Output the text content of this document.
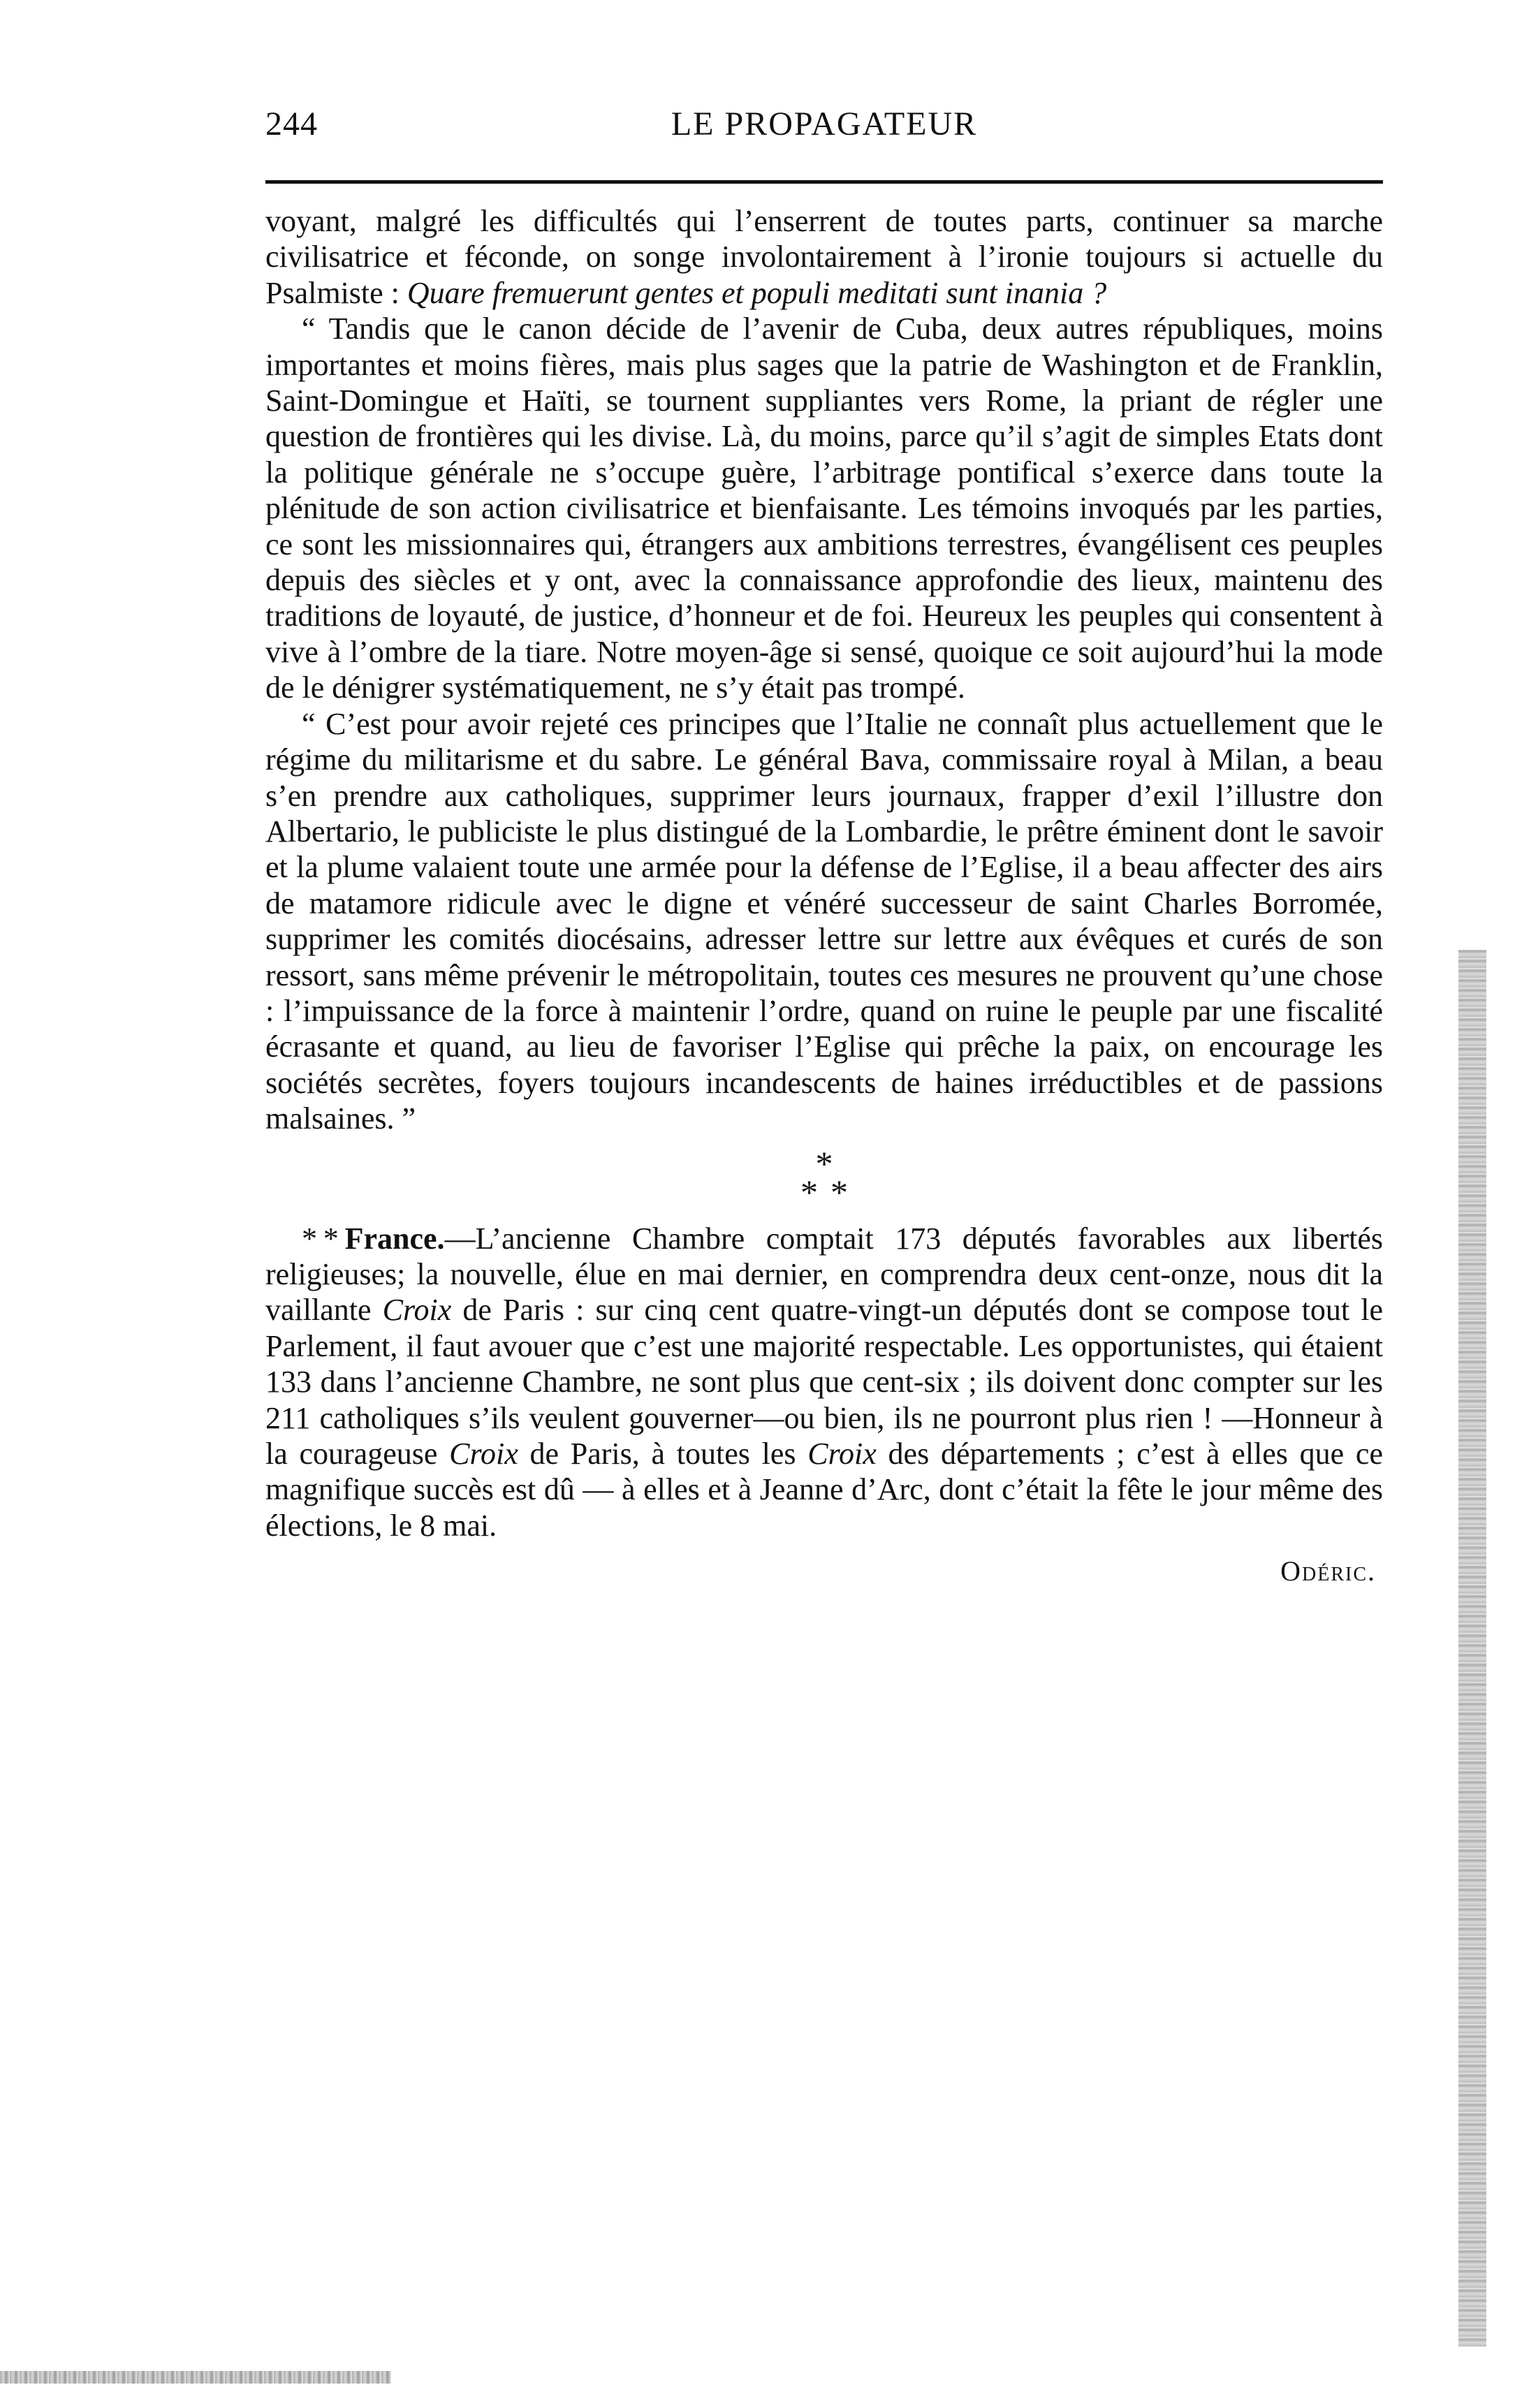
244	LE PROPAGATEUR

voyant, malgré les difficultés qui l’enserrent de toutes parts, continuer sa marche civilisatrice et féconde, on songe involontairement à l’ironie toujours si actuelle du Psalmiste : Quare fremuerunt gentes et populi meditati sunt inania ?

“ Tandis que le canon décide de l’avenir de Cuba, deux autres républiques, moins importantes et moins fières, mais plus sages que la patrie de Washington et de Franklin, Saint-Domingue et Haïti, se tournent suppliantes vers Rome, la priant de régler une question de frontières qui les divise. Là, du moins, parce qu’il s’agit de simples Etats dont la politique générale ne s’occupe guère, l’arbitrage pontifical s’exerce dans toute la plénitude de son action civilisatrice et bienfaisante. Les témoins invoqués par les parties, ce sont les missionnaires qui, étrangers aux ambitions terrestres, évangélisent ces peuples depuis des siècles et y ont, avec la connaissance approfondie des lieux, maintenu des traditions de loyauté, de justice, d’honneur et de foi. Heureux les peuples qui consentent à vive à l’ombre de la tiare. Notre moyen-âge si sensé, quoique ce soit aujourd’hui la mode de le dénigrer systématiquement, ne s’y était pas trompé.

“ C’est pour avoir rejeté ces principes que l’Italie ne connaît plus actuellement que le régime du militarisme et du sabre. Le général Bava, commissaire royal à Milan, a beau s’en prendre aux catholiques, supprimer leurs journaux, frapper d’exil l’illustre don Albertario, le publiciste le plus distingué de la Lombardie, le prêtre éminent dont le savoir et la plume valaient toute une armée pour la défense de l’Eglise, il a beau affecter des airs de matamore ridicule avec le digne et vénéré successeur de saint Charles Borromée, supprimer les comités diocésains, adresser lettre sur lettre aux évêques et curés de son ressort, sans même prévenir le métropolitain, toutes ces mesures ne prouvent qu’une chose : l’impuissance de la force à maintenir l’ordre, quand on ruine le peuple par une fiscalité écrasante et quand, au lieu de favoriser l’Eglise qui prêche la paix, on encourage les sociétés secrètes, foyers toujours incandescents de haines irréductibles et de passions malsaines. ”

*
**

* * France.—L’ancienne Chambre comptait 173 députés favorables aux libertés religieuses; la nouvelle, élue en mai dernier, en comprendra deux cent-onze, nous dit la vaillante Croix de Paris : sur cinq cent quatre-vingt-un députés dont se compose tout le Parlement, il faut avouer que c’est une majorité respectable. Les opportunistes, qui étaient 133 dans l’ancienne Chambre, ne sont plus que cent-six ; ils doivent donc compter sur les 211 catholiques s’ils veulent gouverner—ou bien, ils ne pourront plus rien ! —Honneur à la courageuse Croix de Paris, à toutes les Croix des départements ; c’est à elles que ce magnifique succès est dû — à elles et à Jeanne d’Arc, dont c’était la fête le jour même des élections, le 8 mai.

Odéric.
